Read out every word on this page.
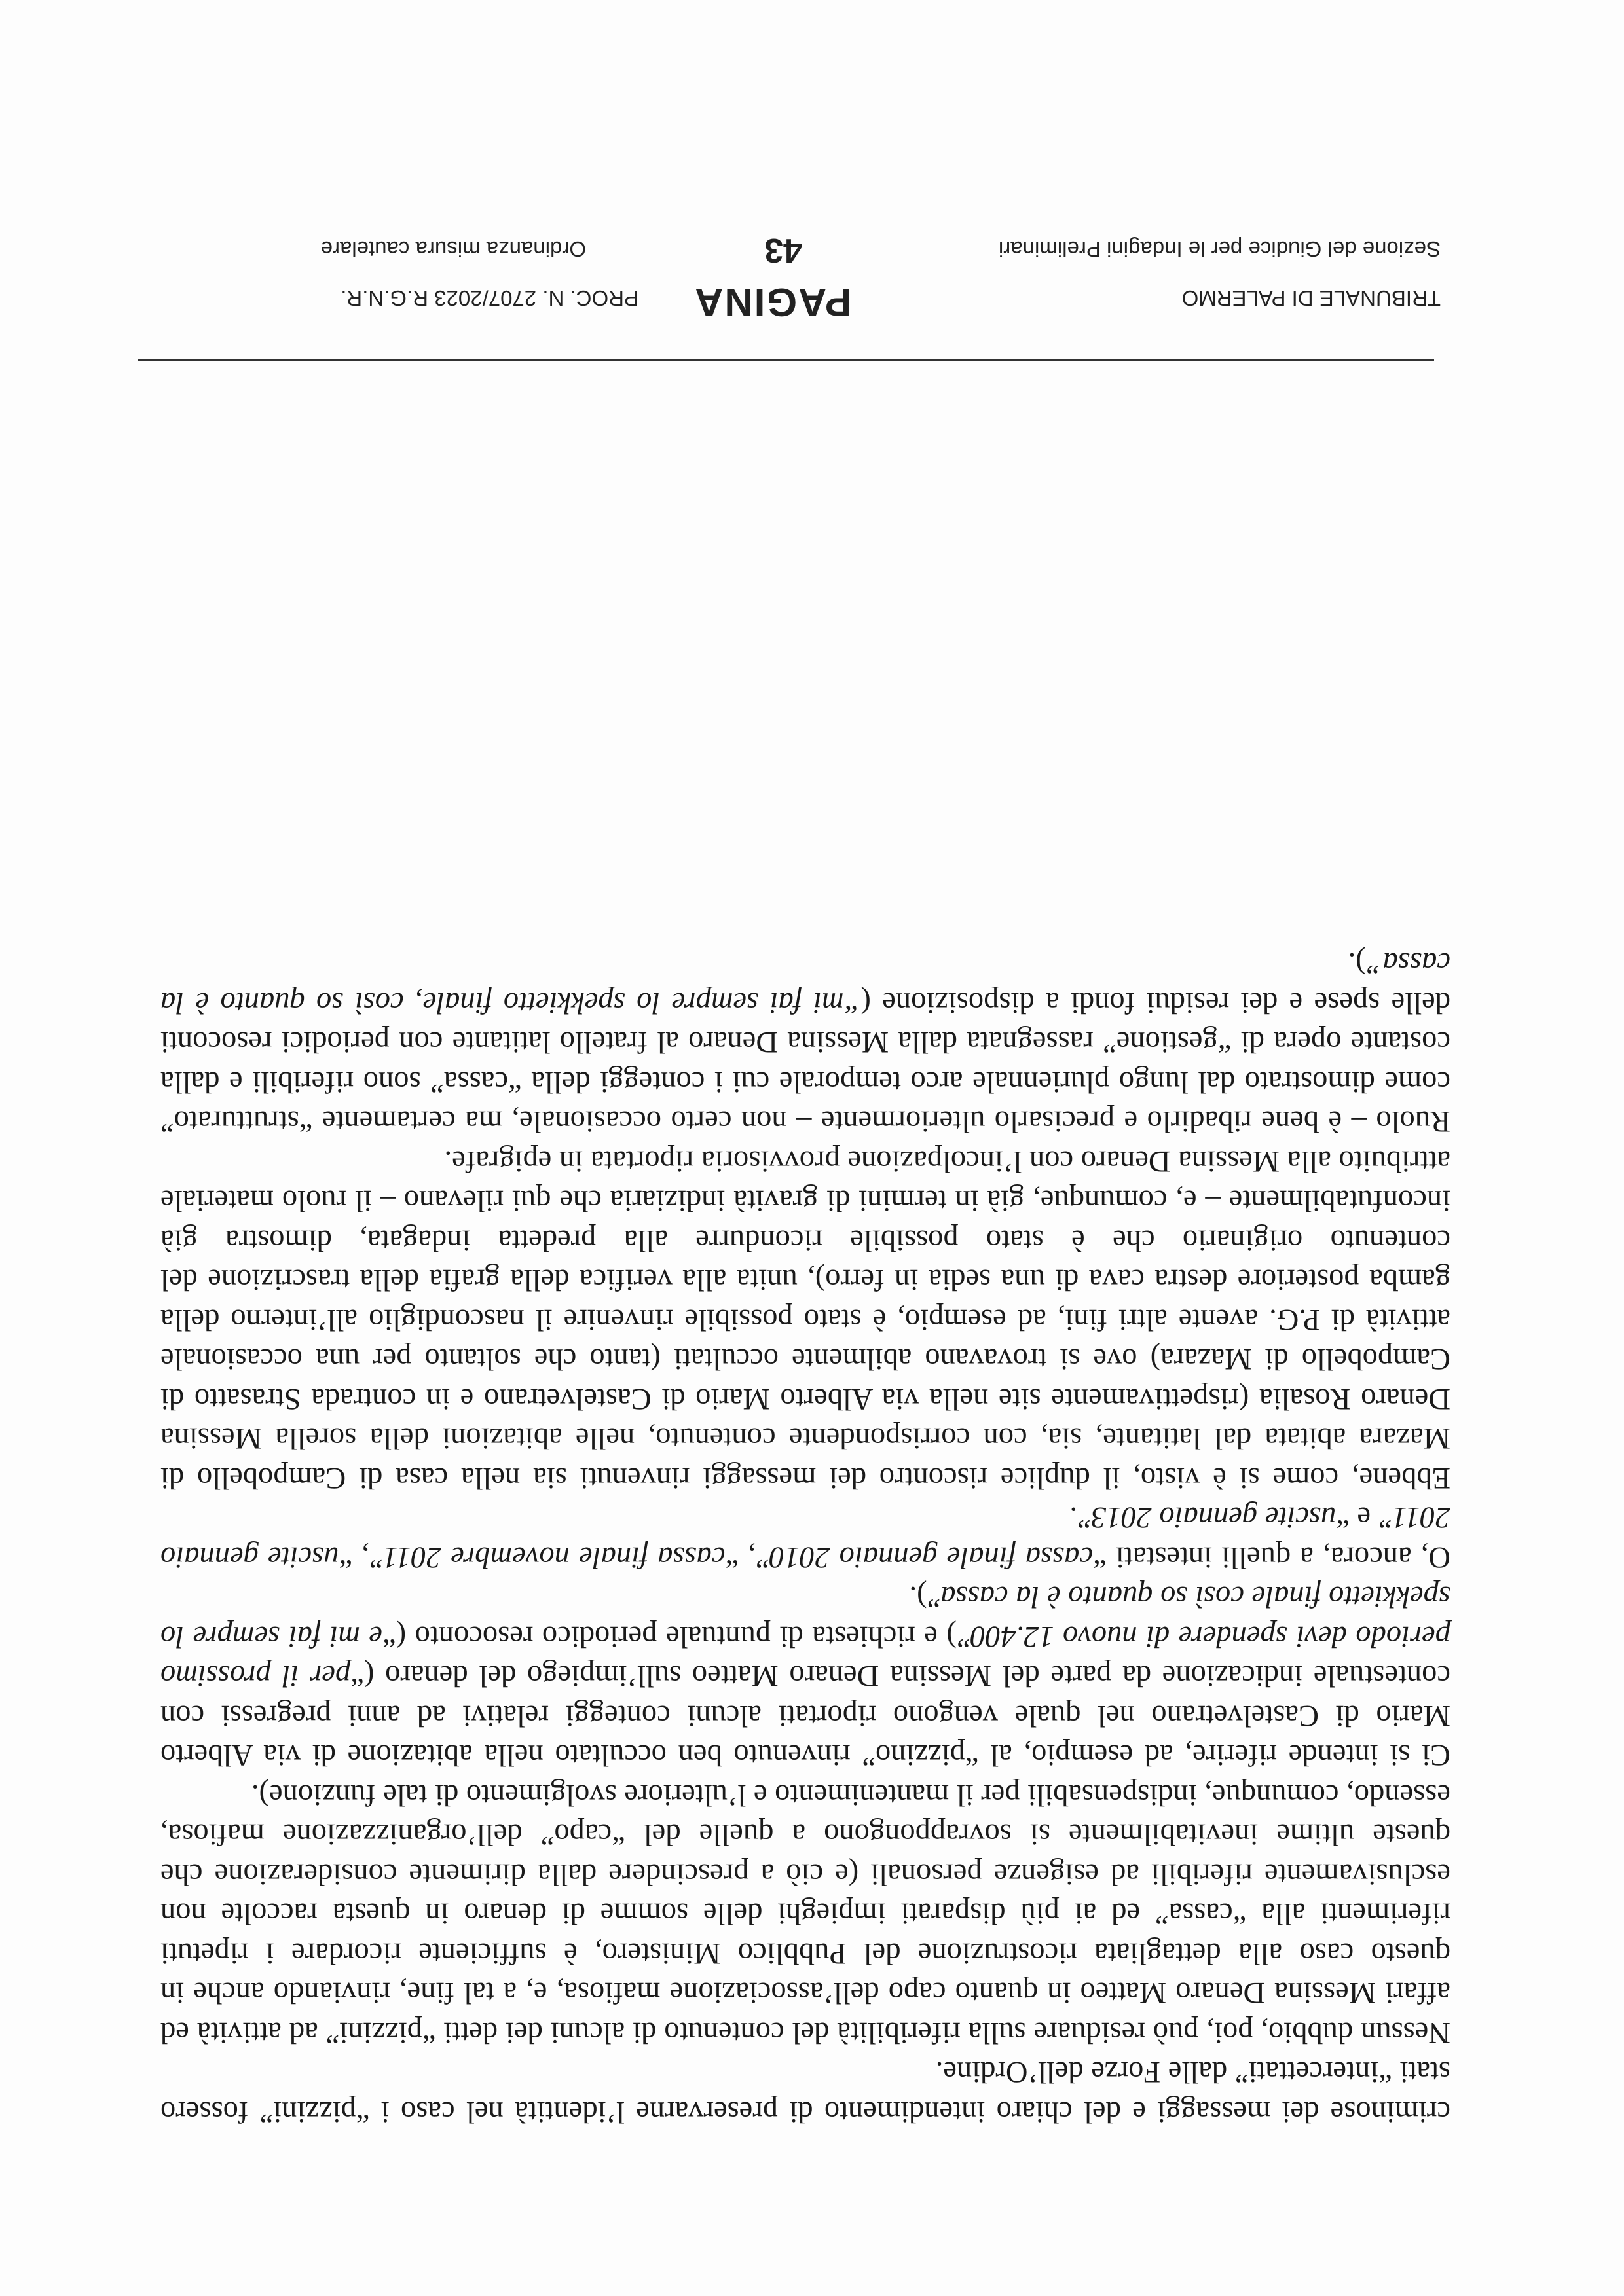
TRIBUNALE DI PALERMO
PAGINA
PROC. N. 2707/2023 R.G.N.R.
Sezione del Giudice per le Indagini Preliminari
43
Ordinanza misura cautelare

criminose dei messaggi e del chiaro intendimento di preservarne l’identità nel caso i “pizzini” fossero stati “intercettati” dalle Forze dell’Ordine.

Nessun dubbio, poi, può residuare sulla riferibilità del contenuto di alcuni dei detti “pizzini” ad attività ed affari Messina Denaro Matteo in quanto capo dell’associazione mafiosa, e, a tal fine, rinviando anche in questo caso alla dettagliata ricostruzione del Pubblico Ministero, è sufficiente ricordare i ripetuti riferimenti alla “cassa” ed ai più disparati impieghi delle somme di denaro in questa raccolte non esclusivamente riferibili ad esigenze personali (e ciò a prescindere dalla dirimente considerazione che queste ultime inevitabilmente si sovrappongono a quelle del “capo” dell’organizzazione mafiosa, essendo, comunque, indispensabili per il mantenimento e l’ulteriore svolgimento di tale funzione).

Ci si intende riferire, ad esempio, al “pizzino” rinvenuto ben occultato nella abitazione di via Alberto Mario di Castelvetrano nel quale vengono riportati alcuni conteggi relativi ad anni pregressi con contestuale indicazione da parte del Messina Denaro Matteo sull’impiego del denaro (“per il prossimo periodo devi spendere di nuovo 12.400”) e richiesta di puntuale periodico resoconto (“e mi fai sempre lo spekkietto finale così so quanto è la cassa”).

O, ancora, a quelli intestati “cassa finale gennaio 2010”, “cassa finale novembre 2011”, “uscite gennaio 2011” e “uscite gennaio 2013”.

Ebbene, come si è visto, il duplice riscontro dei messaggi rinvenuti sia nella casa di Campobello di Mazara abitata dal latitante, sia, con corrispondente contenuto, nelle abitazioni della sorella Messina Denaro Rosalia (rispettivamente site nella via Alberto Mario di Castelvetrano e in contrada Strasatto di Campobello di Mazara) ove si trovavano abilmente occultati (tanto che soltanto per una occasionale attività di P.G. avente altri fini, ad esempio, è stato possibile rinvenire il nascondiglio all’interno della gamba posteriore destra cava di una sedia in ferro), unita alla verifica della grafia della trascrizione del contenuto originario che è stato possibile ricondurre alla predetta indagata, dimostra già inconfutabilmente – e, comunque, già in termini di gravità indiziaria che qui rilevano – il ruolo materiale attribuito alla Messina Denaro con l’incolpazione provvisoria riportata in epigrafe.

Ruolo – è bene ribadirlo e precisarlo ulteriormente – non certo occasionale, ma certamente “strutturato” come dimostrato dal lungo pluriennale arco temporale cui i conteggi della “cassa” sono riferibili e dalla costante opera di “gestione” rassegnata dalla Messina Denaro al fratello latitante con periodici resoconti delle spese e dei residui fondi a disposizione (“mi fai sempre lo spekkietto finale, così so quanto è la cassa”).
